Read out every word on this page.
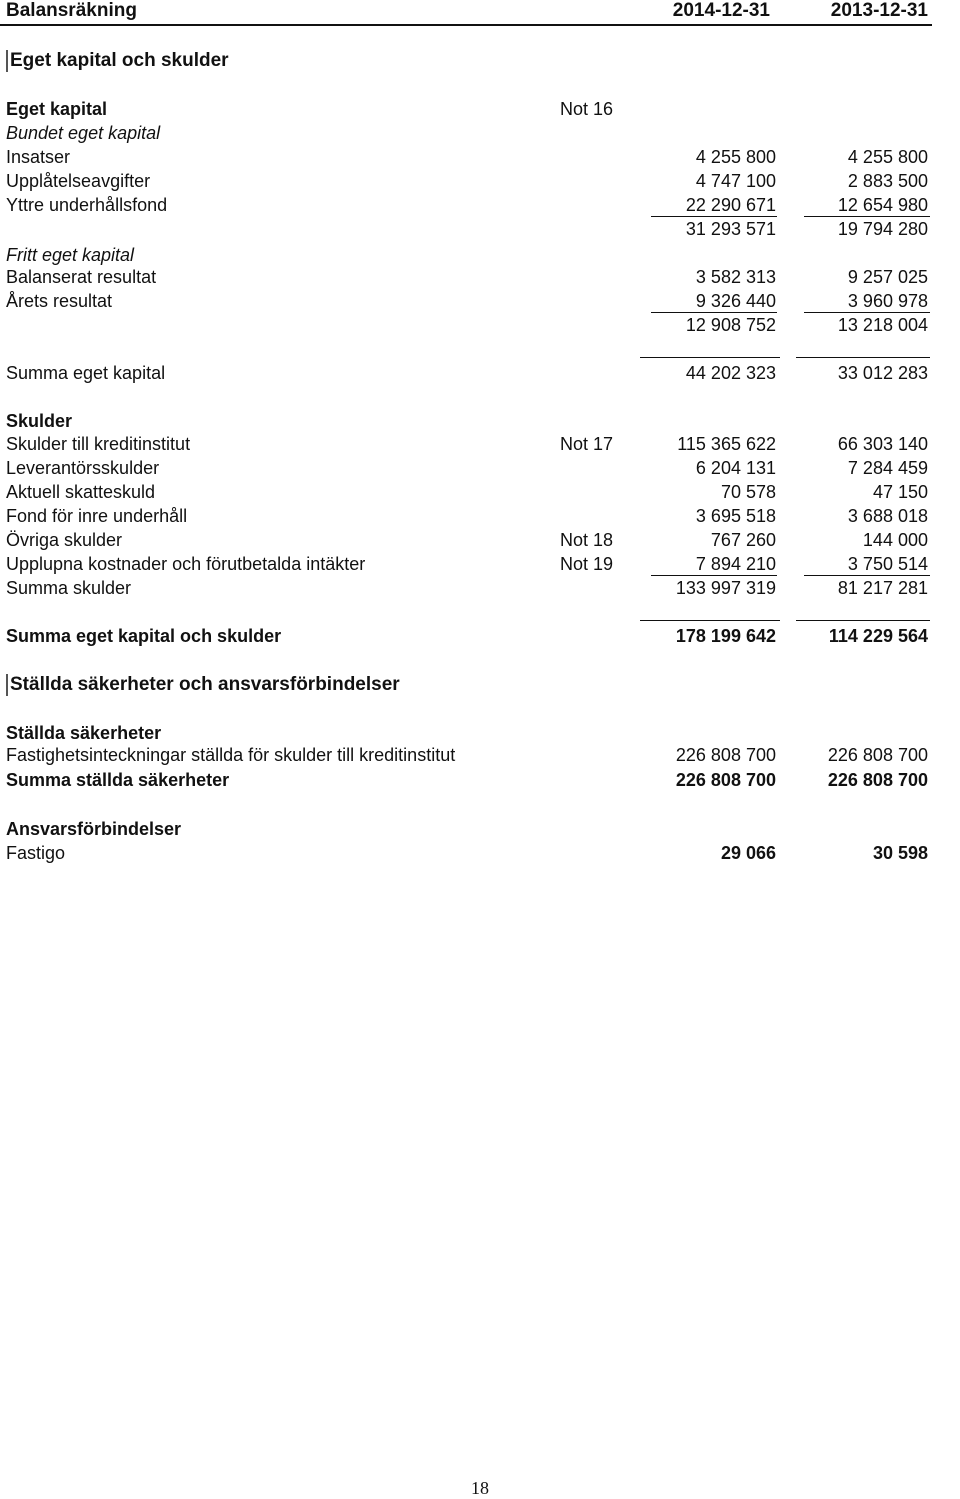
Balansräkning	2014-12-31	2013-12-31
Eget kapital och skulder
Eget kapital	Not 16
Bundet eget kapital
Insatser	4 255 800	4 255 800
Upplåtelseavgifter	4 747 100	2 883 500
Yttre underhållsfond	22 290 671	12 654 980
31 293 571	19 794 280
Fritt eget kapital
Balanserat resultat	3 582 313	9 257 025
Årets resultat	9 326 440	3 960 978
12 908 752	13 218 004
Summa eget kapital	44 202 323	33 012 283
Skulder
Skulder till kreditinstitut	Not 17	115 365 622	66 303 140
Leverantörsskulder	6 204 131	7 284 459
Aktuell skatteskuld	70 578	47 150
Fond för inre underhåll	3 695 518	3 688 018
Övriga skulder	Not 18	767 260	144 000
Upplupna kostnader och förutbetalda intäkter	Not 19	7 894 210	3 750 514
Summa skulder	133 997 319	81 217 281
Summa eget kapital och skulder	178 199 642	114 229 564
Ställda säkerheter
Fastighetsinteckningar ställda för skulder till kreditinstitut	226 808 700	226 808 700
Summa ställda säkerheter	226 808 700	226 808 700
Ansvarsförbindelser
Fastigo	29 066	30 598
Ställda säkerheter och ansvarsförbindelser
18
